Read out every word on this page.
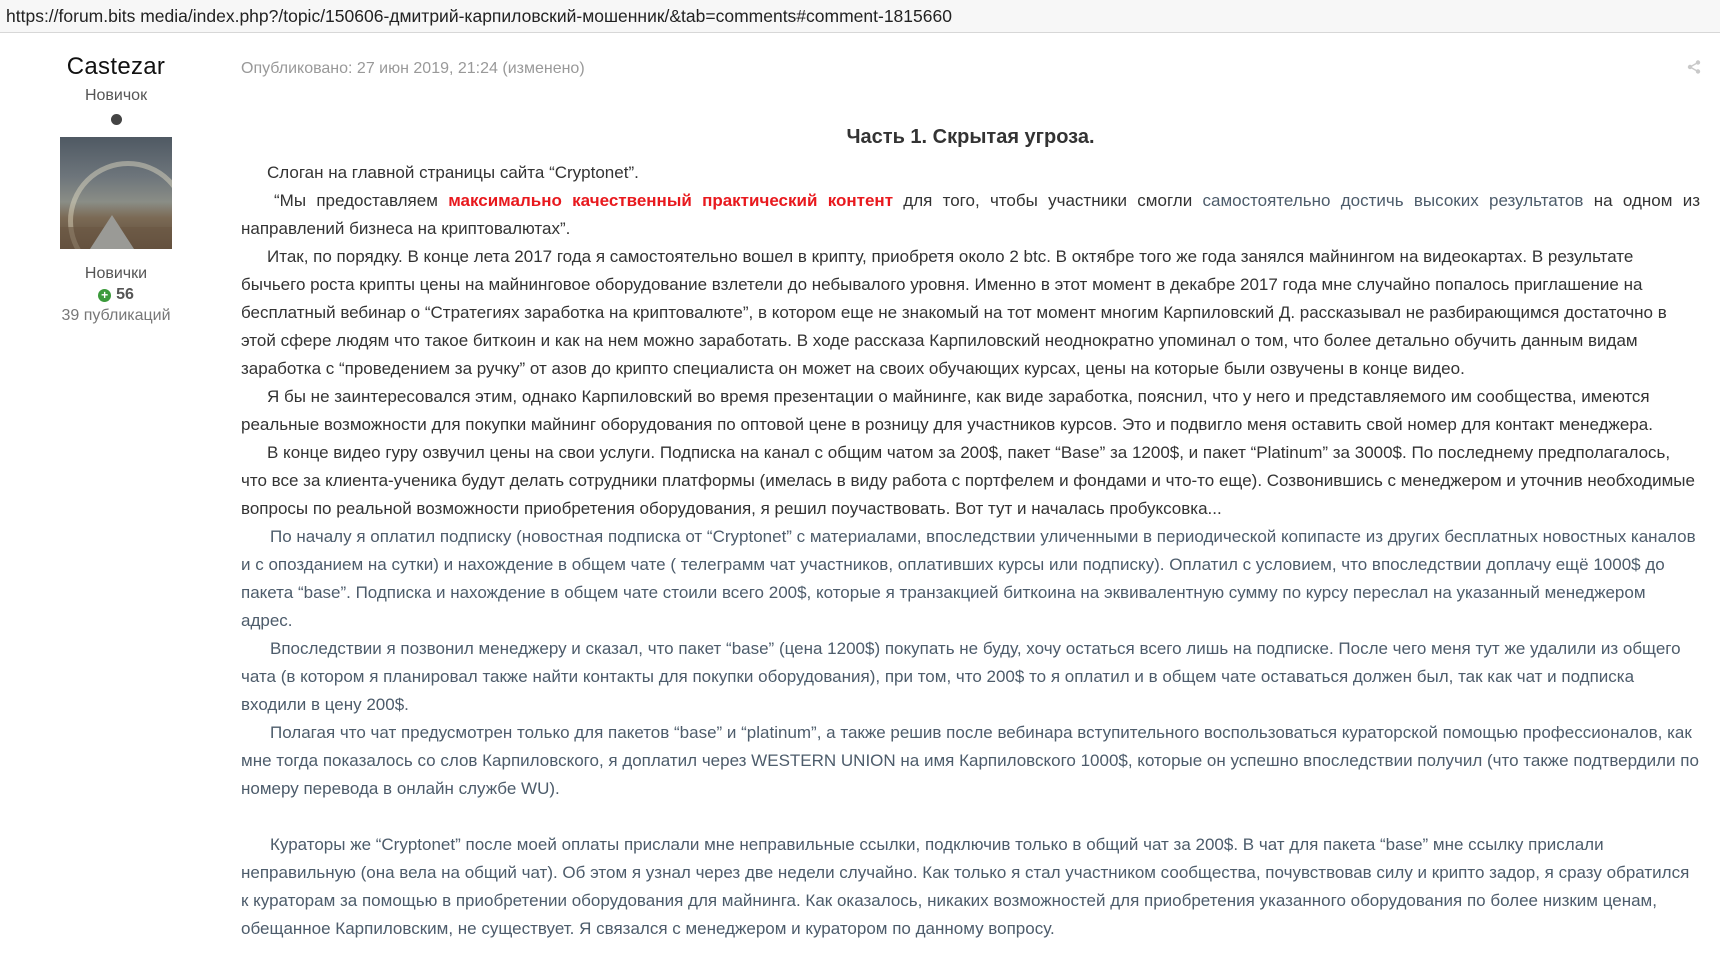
https://forum.bits media/index.php?/topic/150606-дмитрий-карпиловский-мошенник/&tab=comments#comment-1815660
Castezar
Новичок
Новички
+ 56
39 публикаций
Опубликовано: 27 июн 2019, 21:24 (изменено)
Часть 1. Скрытая угроза.

Слоган на главной страницы сайта “Cryptonet”.

“Мы предоставляем максимально качественный практический контент для того, чтобы участники смогли самостоятельно достичь высоких результатов на одном из направлений бизнеса на криптовалютах”.

Итак, по порядку. В конце лета 2017 года я самостоятельно вошел в крипту, приобретя около 2 btc. В октябре того же года занялся майнингом на видеокартах. В результате бычьего роста крипты цены на майнинговое оборудование взлетели до небывалого уровня. Именно в этот момент в декабре 2017 года мне случайно попалось приглашение на бесплатный вебинар о “Стратегиях заработка на криптовалюте”, в котором еще не знакомый на тот момент многим Карпиловский Д. рассказывал не разбирающимся достаточно в этой сфере людям что такое биткоин и как на нем можно заработать. В ходе рассказа Карпиловский неоднократно упоминал о том, что более детально обучить данным видам заработка с “проведением за ручку” от азов до крипто специалиста он может на своих обучающих курсах, цены на которые были озвучены в конце видео.

Я бы не заинтересовался этим, однако Карпиловский во время презентации о майнинге, как виде заработка, пояснил, что у него и представляемого им сообщества, имеются реальные возможности для покупки майнинг оборудования по оптовой цене в розницу для участников курсов. Это и подвигло меня оставить свой номер для контакт менеджера.

В конце видео гуру озвучил цены на свои услуги. Подписка на канал с общим чатом за 200$, пакет “Base” за 1200$, и пакет “Platinum” за 3000$. По последнему предполагалось, что все за клиента-ученика будут делать сотрудники платформы (имелась в виду работа с портфелем и фондами и что-то еще). Созвонившись с менеджером и уточнив необходимые вопросы по реальной возможности приобретения оборудования, я решил поучаствовать. Вот тут и началась пробуксовка...

По началу я оплатил подписку (новостная подписка от “Cryptonet” с материалами, впоследствии уличенными в периодической копипасте из других бесплатных новостных каналов и с опозданием на сутки) и нахождение в общем чате ( телеграмм чат участников, оплативших курсы или подписку). Оплатил с условием, что впоследствии доплачу ещё 1000$ до пакета “base”. Подписка и нахождение в общем чате стоили всего 200$, которые я транзакцией биткоина на эквивалентную сумму по курсу переслал на указанный менеджером адрес.

Впоследствии я позвонил менеджеру и сказал, что пакет “base” (цена 1200$) покупать не буду, хочу остаться всего лишь на подписке. После чего меня тут же удалили из общего чата (в котором я планировал также найти контакты для покупки оборудования), при том, что 200$ то я оплатил и в общем чате оставаться должен был, так как чат и подписка входили в цену 200$.

Полагая что чат предусмотрен только для пакетов “base” и “platinum”, а также решив после вебинара вступительного воспользоваться кураторской помощью профессионалов, как мне тогда показалось со слов Карпиловского, я доплатил через WESTERN UNION на имя Карпиловского 1000$, которые он успешно впоследствии получил (что также подтвердили по номеру перевода в онлайн службе WU).

Кураторы же “Cryptonet” после моей оплаты прислали мне неправильные ссылки, подключив только в общий чат за 200$. В чат для пакета “base” мне ссылку прислали неправильную (она вела на общий чат). Об этом я узнал через две недели случайно. Как только я стал участником сообщества, почувствовав силу и крипто задор, я сразу обратился к кураторам за помощью в приобретении оборудования для майнинга. Как оказалось, никаких возможностей для приобретения указанного оборудования по более низким ценам, обещанное Карпиловским, не существует. Я связался с менеджером и куратором по данному вопросу.
